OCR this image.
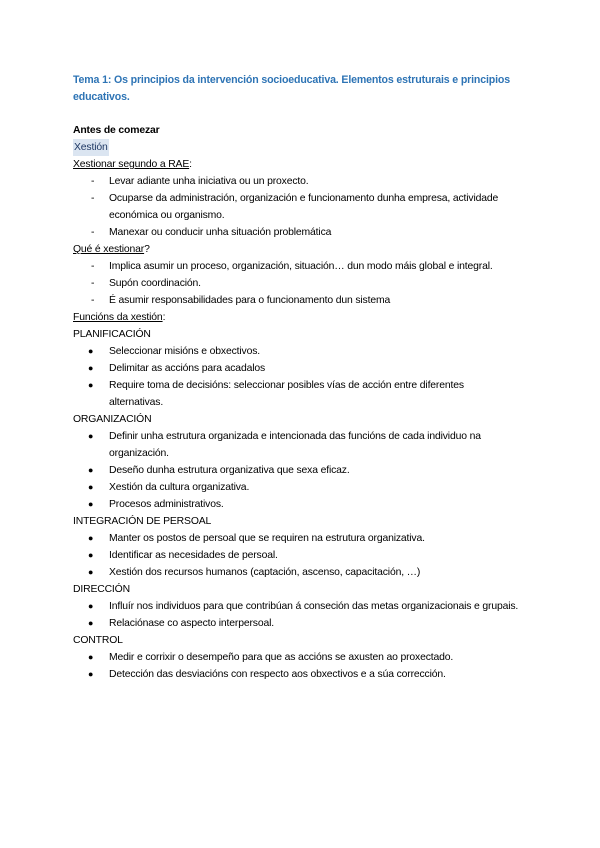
Tema 1: Os principios da intervención socioeducativa. Elementos estruturais e principios educativos.
Antes de comezar
Xestión
Xestionar segundo a RAE:
- Levar adiante unha iniciativa ou un proxecto.
- Ocuparse da administración, organización e funcionamento dunha empresa, actividade económica ou organismo.
- Manexar ou conducir unha situación problemática
Qué é xestionar?
- Implica asumir un proceso, organización, situación… dun modo máis global e integral.
- Supón coordinación.
- É asumir responsabilidades para o funcionamento dun sistema
Funcións da xestión:
PLANIFICACIÓN
● Seleccionar misións e obxectivos.
● Delimitar as accións para acadalos
● Require toma de decisións: seleccionar posibles vías de acción entre diferentes alternativas.
ORGANIZACIÓN
● Definir unha estrutura organizada e intencionada das funcións de cada individuo na organización.
● Deseño dunha estrutura organizativa que sexa eficaz.
● Xestión da cultura organizativa.
● Procesos administrativos.
INTEGRACIÓN DE PERSOAL
● Manter os postos de persoal que se requiren na estrutura organizativa.
● Identificar as necesidades de persoal.
● Xestión dos recursos humanos (captación, ascenso, capacitación, …)
DIRECCIÓN
● Influír nos individuos para que contribúan á conseción das metas organizacionais e grupais.
● Relaciónase co aspecto interpersoal.
CONTROL
● Medir e corrixir o desempeño para que as accións se axusten ao proxectado.
● Detección das desviacións con respecto aos obxectivos e a súa corrección.
